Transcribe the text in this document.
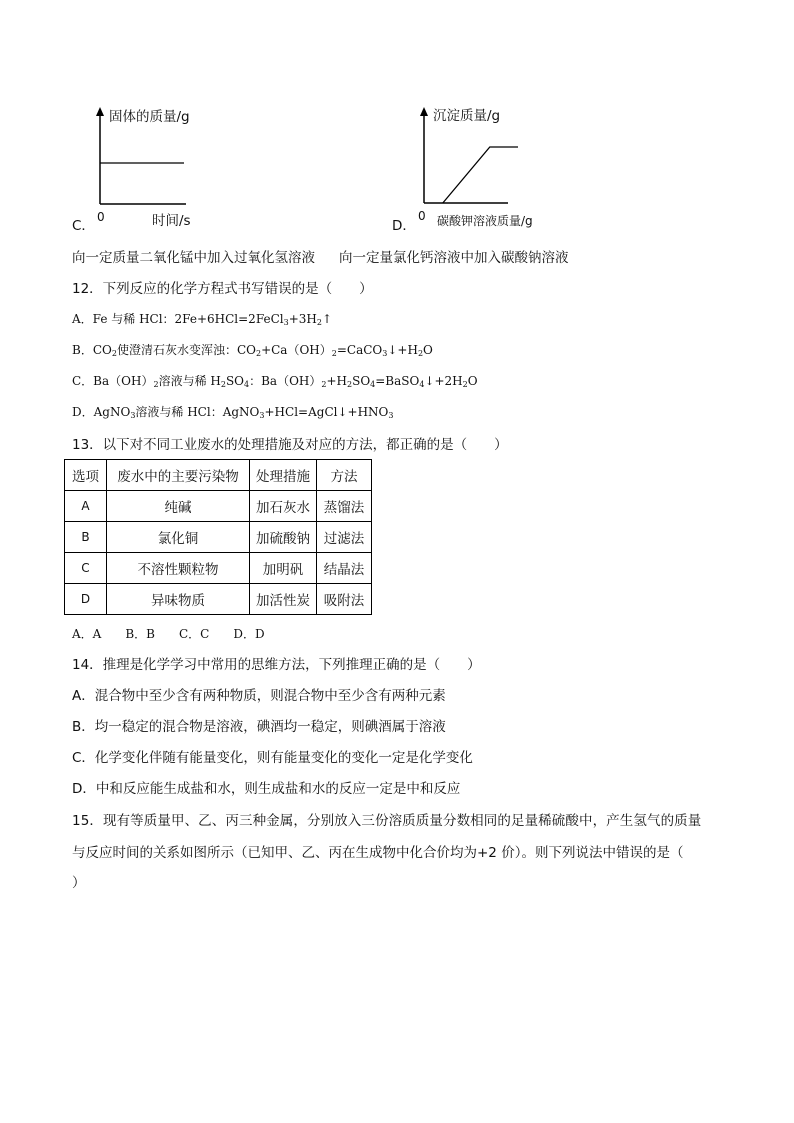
C．
固体的质量/g
0	时间/s	D．
沉淀质量/g
0 碳酸钾溶液质量/g
向一定质量二氧化锰中加入过氧化氢溶液 向一定量氯化钙溶液中加入碳酸钠溶液
12．下列反应的化学方程式书写错误的是（　　）
A．Fe 与稀 HCl：$2Fe+6HCl=2FeCl_3+3H_2↑$
B．$CO_2$使澄清石灰水变浑浊：$CO_2+Ca(OH)_2=CaCO_3↓+H_2O$
C．$Ba(OH)_2$溶液与稀 $H_2SO_4$：$Ba(OH)_2+H_2SO_4=BaSO_4↓+2H_2O$
D．AgNO$_3$溶液与稀 HCl：$AgNO_3+HCl=AgCl↓+HNO_3$
13．以下对不同工业废水的处理措施及对应的方法，都正确的是（　　）
选项	废水中的主要污染物	处理措施	方法
A	纯碱	加石灰水	蒸馏法
B	氯化铜	加硫酸钠	过滤法
C	不溶性颗粒物	加明矾	结晶法
D	异味物质	加活性炭	吸附法
A．A　　B．B　　C．C　　D．D
14．推理是化学学习中常用的思维方法，下列推理正确的是（　　）
A．混合物中至少含有两种物质，则混合物中至少含有两种元素
B．均一稳定的混合物是溶液，碘酒均一稳定，则碘酒属于溶液
C．化学变化伴随有能量变化，则有能量变化的变化一定是化学变化
D．中和反应能生成盐和水，则生成盐和水的反应一定是中和反应
15．现有等质量甲、乙、丙三种金属，分别放入三份溶质质量分数相同的足量稀硫酸中，产生氢气的质量
与反应时间的关系如图所示（已知甲、乙、丙在生成物中化合价均为+2 价）。则下列说法中错误的是（
）
